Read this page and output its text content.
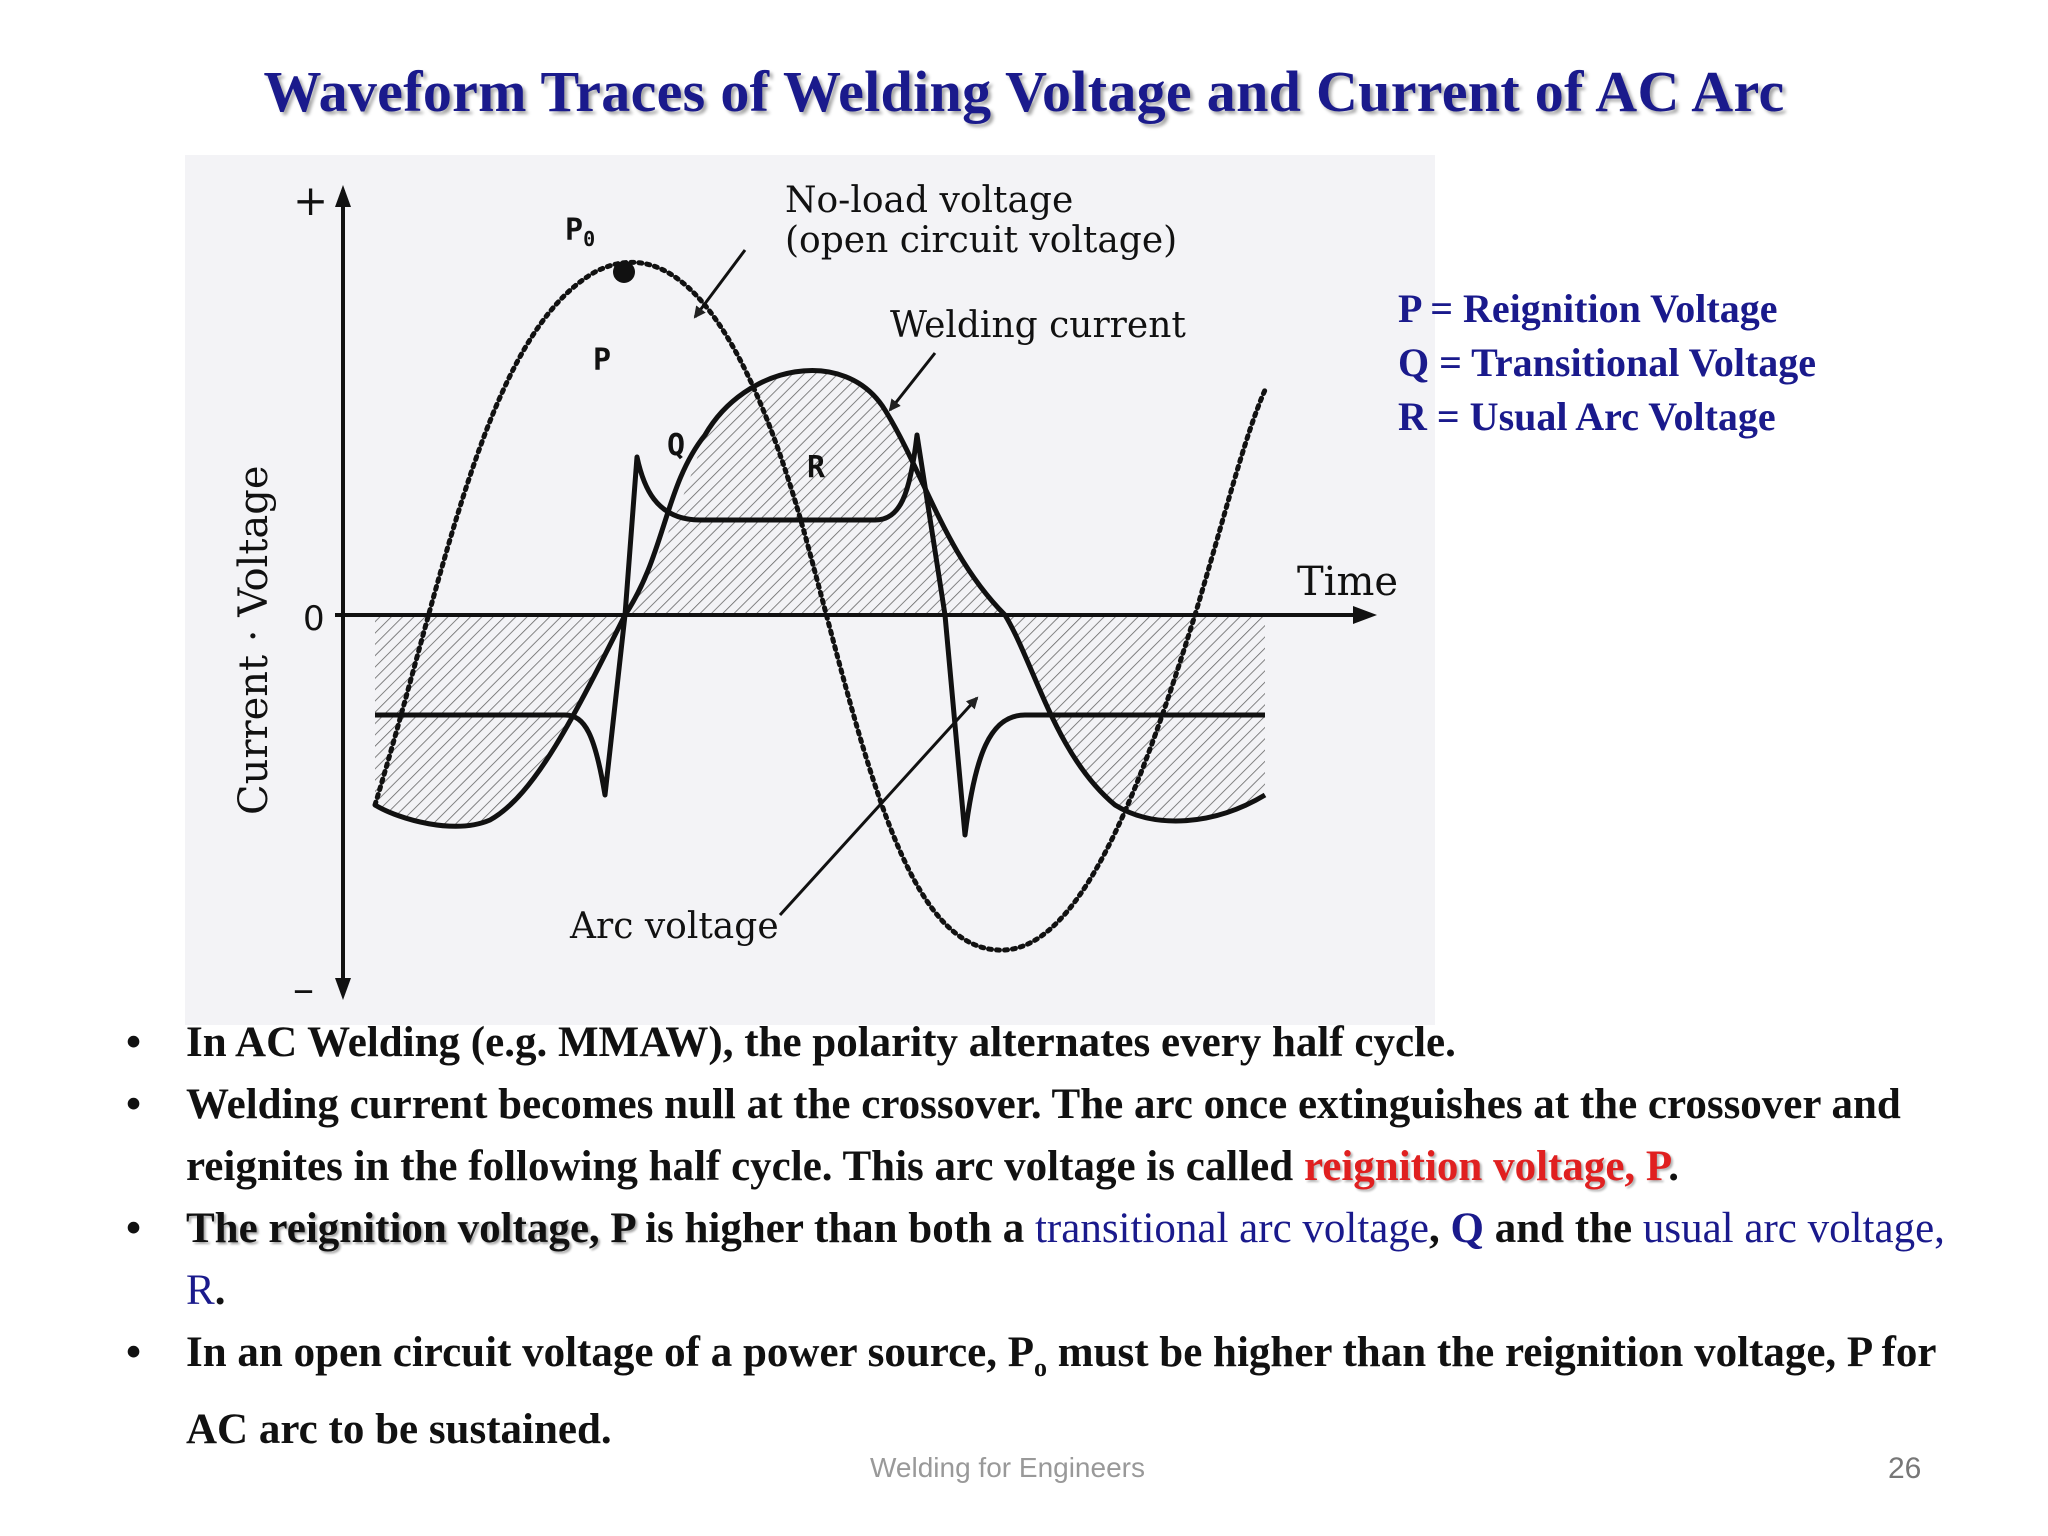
Waveform Traces of Welding Voltage and Current of AC Arc
+
–
0
Current · Voltage	Time
$P_0$
P
Q
R
No-load voltage (open circuit voltage)
Welding current
Arc voltage
P = Reignition Voltage
Q = Transitional Voltage
R = Usual Arc Voltage
• In AC Welding (e.g. MMAW), the polarity alternates every half cycle.
• Welding current becomes null at the crossover. The arc once extinguishes at the crossover and reignites in the following half cycle. This arc voltage is called reignition voltage, P.
• The reignition voltage, P is higher than both a transitional arc voltage, Q and the usual arc voltage, R.
• In an open circuit voltage of a power source, $P_o$ must be higher than the reignition voltage, P for AC arc to be sustained.
Welding for Engineers	26
